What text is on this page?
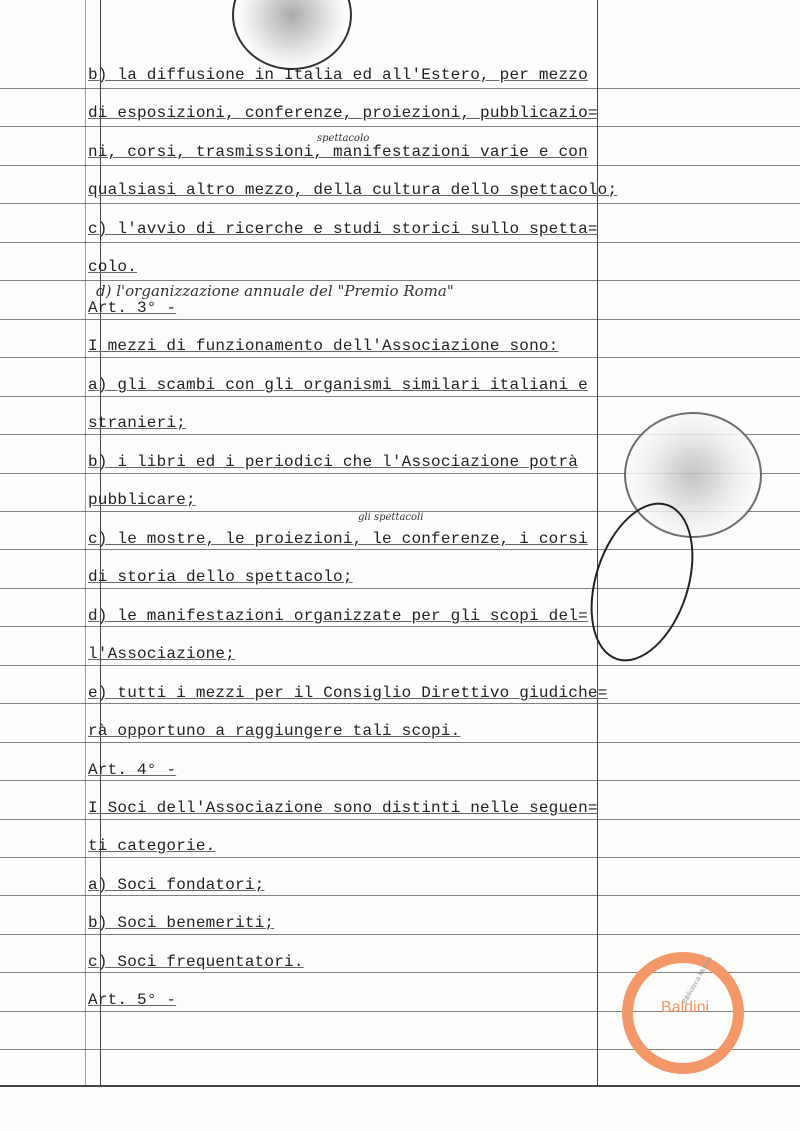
b) la diffusione in Italia ed all'Estero, per mezzo
di esposizioni, conferenze, proiezioni, pubblicazio=
ni, corsi, trasmissioni, manifestazioni varie e con
qualsiasi altro mezzo, della cultura dello spettacolo;
c) l'avvio di ricerche e studi storici sullo spetta=
colo.
Art. 3° -
I mezzi di funzionamento dell'Associazione sono:
a) gli scambi con gli organismi similari italiani e
stranieri;
b) i libri ed i periodici che l'Associazione potrà
pubblicare;
c) le mostre, le proiezioni, le conferenze, i corsi
di storia dello spettacolo;
d) le manifestazioni organizzate per gli scopi del=
l'Associazione;
e) tutti i mezzi per il Consiglio Direttivo giudiche=
rà opportuno a raggiungere tali scopi.
Art. 4° -
I Soci dell'Associazione sono distinti nelle seguen=
ti categorie.
a) Soci fondatori;
b) Soci benemeriti;
c) Soci frequentatori.
Art. 5° -
spettacolo
gli spettacoli
d) l'organizzazione annuale del "Premio Roma"
Biblioteca Museo
Baldini
